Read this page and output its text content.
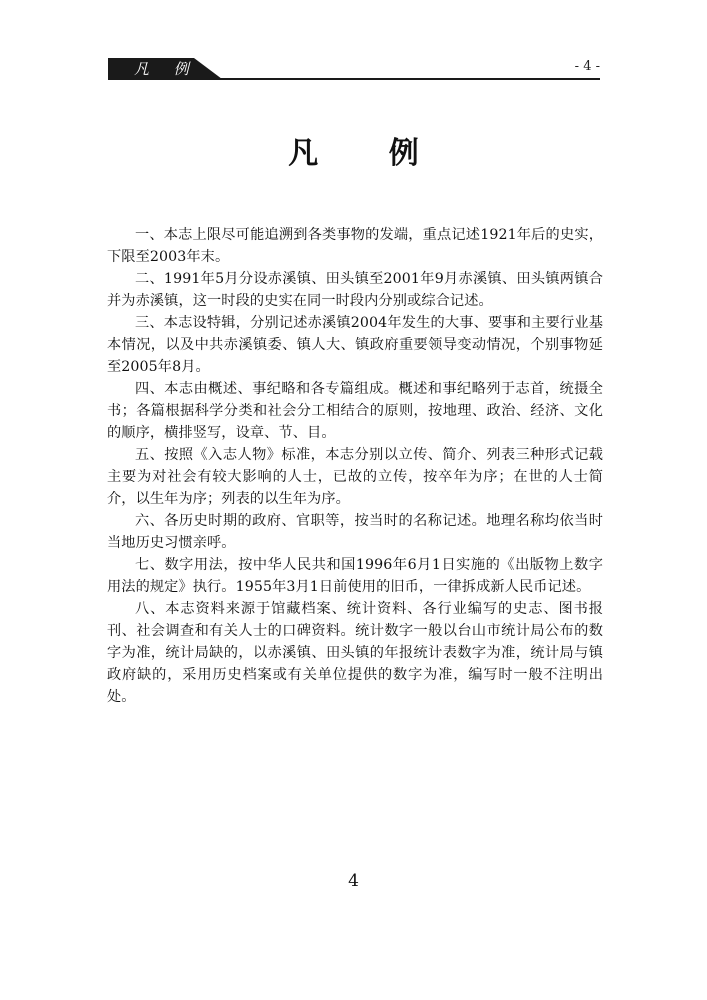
凡 例	- 4 -
凡 例

一、本志上限尽可能追溯到各类事物的发端，重点记述1921年后的史实，下限至2003年末。

二、1991年5月分设赤溪镇、田头镇至2001年9月赤溪镇、田头镇两镇合并为赤溪镇，这一时段的史实在同一时段内分别或综合记述。

三、本志设特辑，分别记述赤溪镇2004年发生的大事、要事和主要行业基本情况，以及中共赤溪镇委、镇人大、镇政府重要领导变动情况，个别事物延至2005年8月。

四、本志由概述、事纪略和各专篇组成。概述和事纪略列于志首，统摄全书；各篇根据科学分类和社会分工相结合的原则，按地理、政治、经济、文化的顺序，横排竖写，设章、节、目。

五、按照《入志人物》标准，本志分别以立传、简介、列表三种形式记载主要为对社会有较大影响的人士，已故的立传，按卒年为序；在世的人士简介，以生年为序；列表的以生年为序。

六、各历史时期的政府、官职等，按当时的名称记述。地理名称均依当时当地历史习惯亲呼。

七、数字用法，按中华人民共和国1996年6月1日实施的《出版物上数字用法的规定》执行。1955年3月1日前使用的旧币，一律拆成新人民币记述。

八、本志资料来源于馆藏档案、统计资料、各行业编写的史志、图书报刊、社会调查和有关人士的口碑资料。统计数字一般以台山市统计局公布的数字为准，统计局缺的，以赤溪镇、田头镇的年报统计表数字为准，统计局与镇政府缺的，采用历史档案或有关单位提供的数字为准，编写时一般不注明出处。

4
